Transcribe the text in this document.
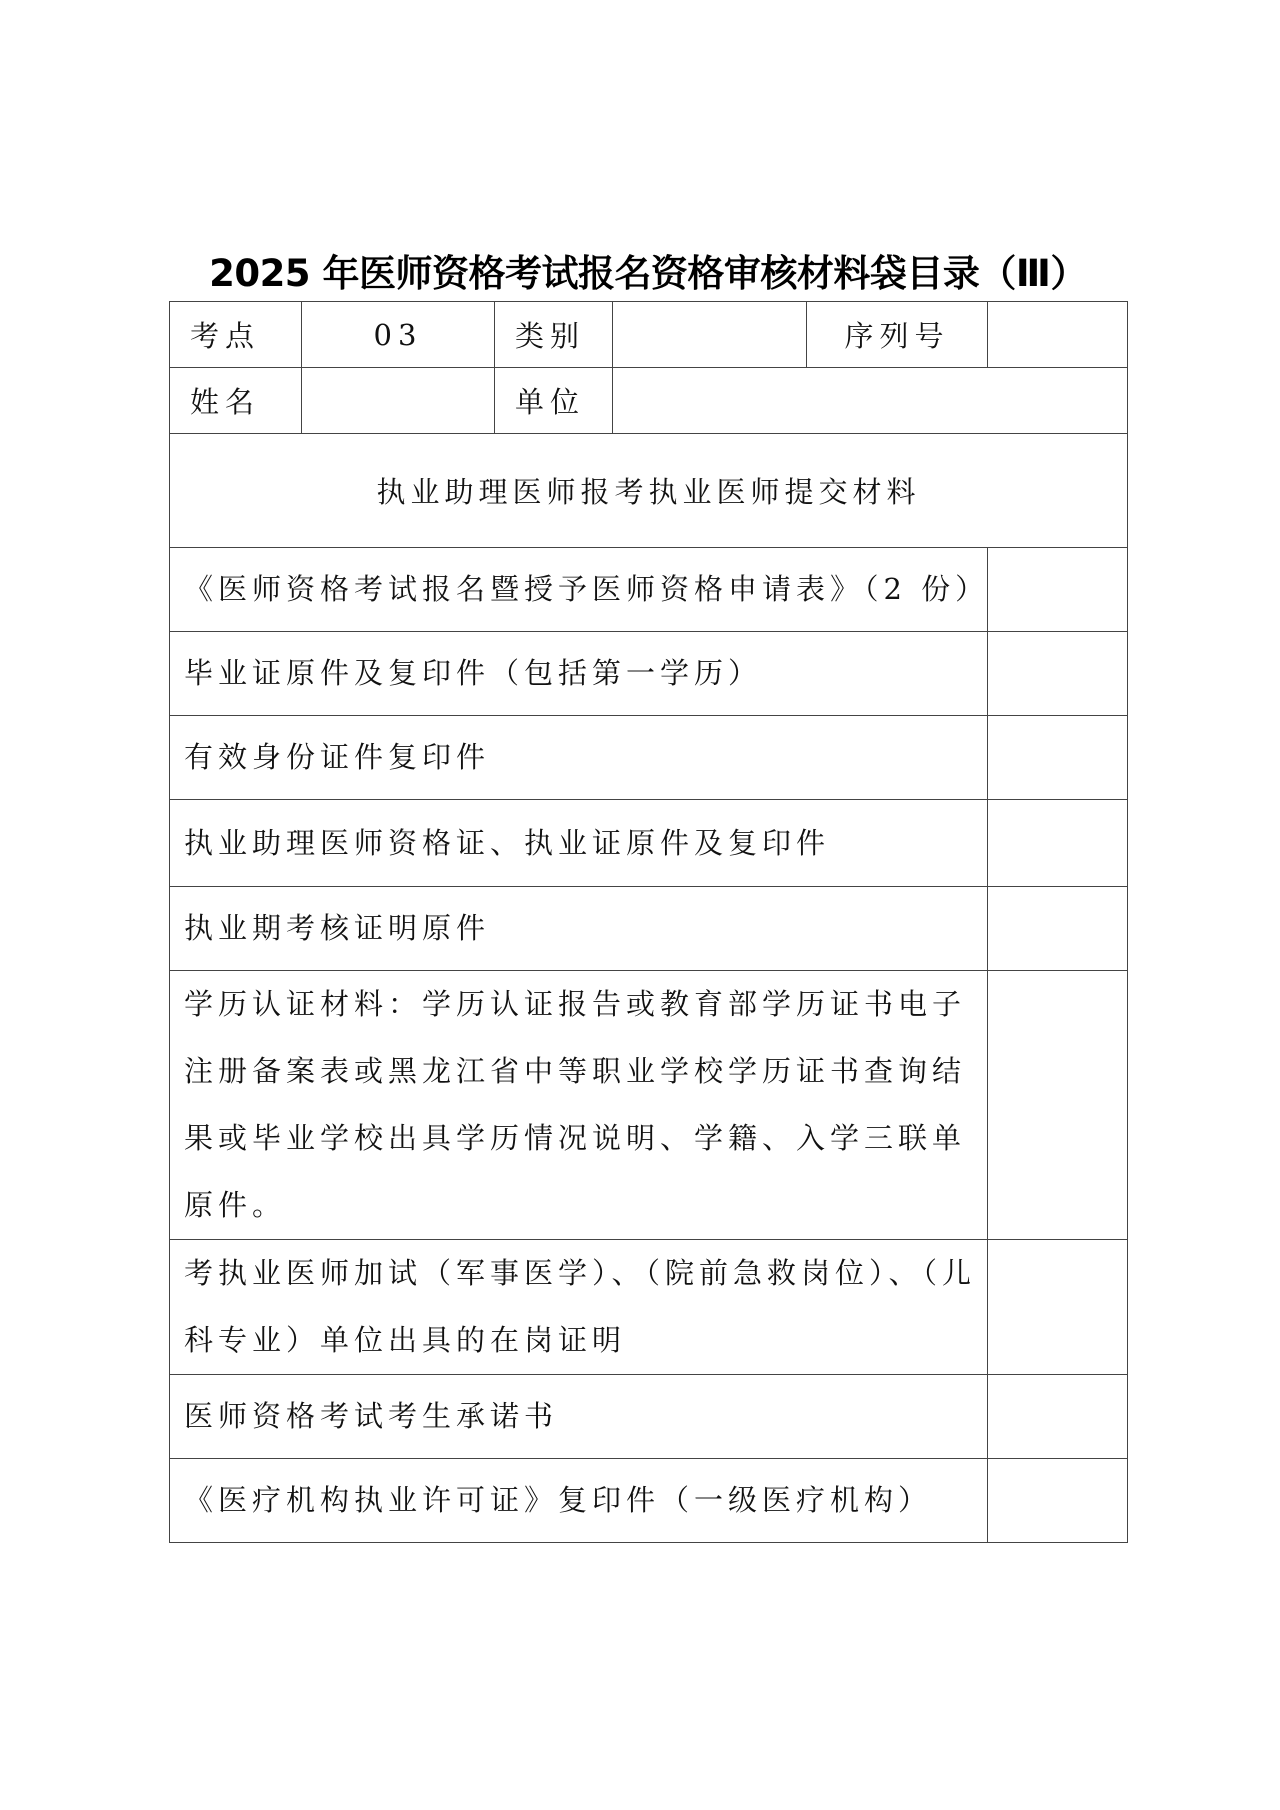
2025 年医师资格考试报名资格审核材料袋目录（Ⅲ）
考点	03	类别		序列号	
姓名		单位			
执业助理医师报考执业医师提交材料					
《医师资格考试报名暨授予医师资格申请表》（2 份）					
毕业证原件及复印件（包括第一学历）					
有效身份证件复印件					
执业助理医师资格证、执业证原件及复印件					
执业期考核证明原件					
学历认证材料：学历认证报告或教育部学历证书电子注册备案表或黑龙江省中等职业学校学历证书查询结果或毕业学校出具学历情况说明、学籍、入学三联单原件。					
考执业医师加试（军事医学）、（院前急救岗位）、（儿科专业）单位出具的在岗证明					
医师资格考试考生承诺书					
《医疗机构执业许可证》复印件（一级医疗机构）					
